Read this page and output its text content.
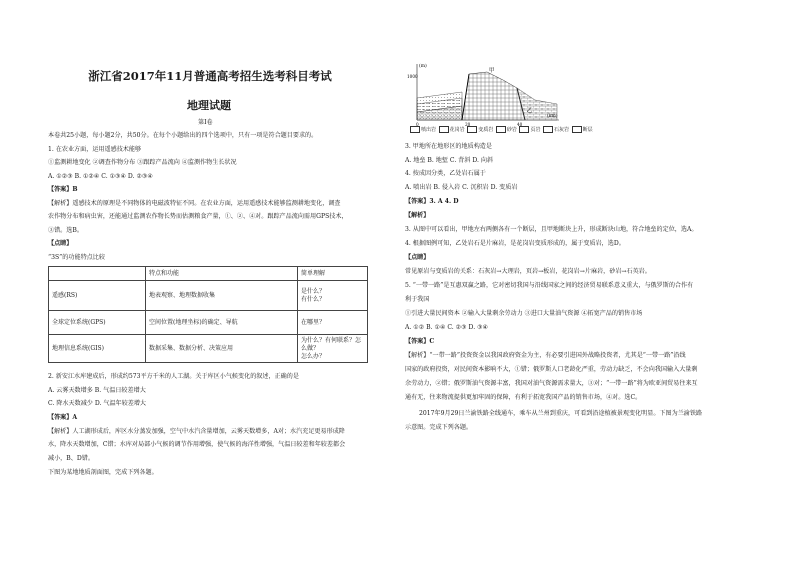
浙江省2017年11月普通高考招生选考科目考试
地理试题
第Ⅰ卷
本卷共25小题，每小题2分，共50分。在每个小题给出的四个选项中，只有一项是符合题目要求的。
1. 在农业方面，运用遥感技术能够
①监测耕地变化 ②调查作物分布 ③跟踪产品流向 ④监测作物生长状况
A. ①②③ B. ①②④ C. ①③④ D. ②③④
【答案】B
【解析】遥感技术的原理是不同物体的电磁波特征不同。在农业方面，运用遥感技术能够监测耕地变化，调查
农作物分布和病虫害，还能通过监测农作物长势而估测粮食产量，①、②、④对。跟踪产品流向需用GPS技术，
③错。选B。
【点睛】
“3S”的功能特点比较
	特点和功能	简单理解
遥感(RS)	地表观察、地理数据收集	是什么？
有什么？
全球定位系统(GPS)	空间位置(地理坐标)的确定、导航	在哪里？
地理信息系统(GIS)	数据采集、数据分析、决策应用	为什么？有何联系？怎么做？
怎么办？
2. 新安江水库建成后，形成约573平方千米的人工湖。关于库区小气候变化的叙述，正确的是
A. 云雾天数增多 B. 气温日较差增大
C. 降水天数减少 D. 气温年较差增大
【答案】A
【解析】人工湖形成后，库区水分蒸发加强，空气中水汽含量增加，云雾天数增多，A对；水汽充足更易形成降
水，降水天数增加，C错；水库对局部小气候的调节作用增强，使气候的海洋性增强，气温日较差和年较差都会
减小，B、D错。
下图为某地地质剖面图，完成下列各题。
(m)
1000
0	20	40
甲
乙
喷出岩	花岗岩	变质岩	砂岩	页岩	石灰岩	断层
3. 甲地所在地形区的地质构造是
A. 地垒 B. 地堑 C. 背斜 D. 向斜
4. 按成因分类，乙处岩石属于
A. 喷出岩 B. 侵入岩 C. 沉积岩 D. 变质岩
【答案】3. A 4. D
【解析】
3. 从图中可以看出，甲地左右两侧各有一个断层，且甲地断块上升，形成断块山地，符合地垒的定位，选A。
4. 根据图例可知，乙处岩石是片麻岩，是花岗岩变质形成的，属于变质岩，选D。
【点睛】
常见原岩与变质岩的关系：石灰岩→大理岩，页岩→板岩，花岗岩→片麻岩，砂岩→石英岩。
5. “一带一路”是互惠双赢之路，它对密切我国与沿线国家之间的经济贸易联系意义重大，与俄罗斯的合作有
利于我国
①引进大量民间资本 ②输入大量剩余劳动力 ③进口大量油气资源 ④拓宽产品的销售市场
A. ①② B. ①④ C. ②③ D. ③④
【答案】C
【解析】“一带一路”投资资金以我国政府资金为主，有必要引进国外战略投资者，尤其是“一带一路”沿线
国家的政府投资，对民间资本影响不大，①错；俄罗斯人口老龄化严重，劳动力缺乏，不会向我国输入大量剩
余劳动力，②错；俄罗斯油气资源丰富，我国对油气资源需求量大，③对；“一带一路”将为欧亚间贸易往来互
通有无，往来物流提供更加牢固的保障，有利于拓宽我国产品的销售市场，④对。选C。
2017年9月29日兰渝铁路全线通车，乘车从兰州到重庆，可看到沿途植被景观变化明显。下图为兰渝铁路
示意图。完成下列各题。
